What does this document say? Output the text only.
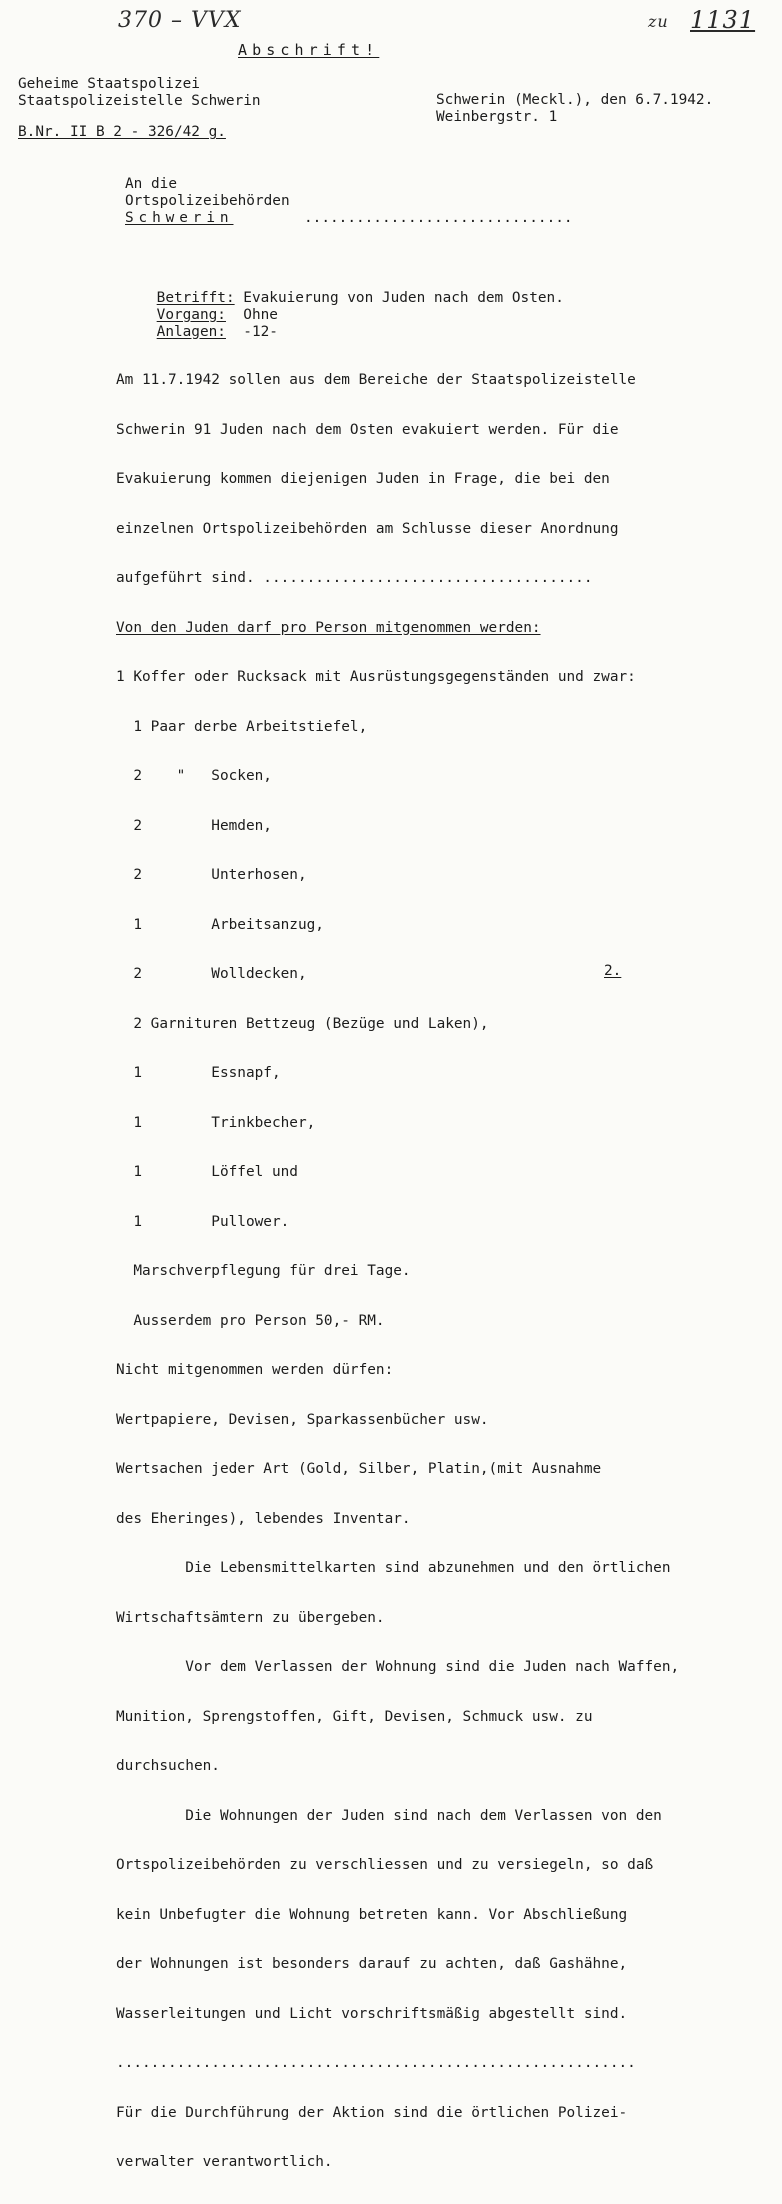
370 – VVX	zu 1131
Abschrift!
Geheime Staatspolizei
Staatspolizeistelle Schwerin
B.Nr. II B 2 - 326/42 g.
Schwerin (Meckl.), den 6.7.1942.
Weinbergstr. 1
An die
Ortspolizeibehörden
Schwerin	...............................

Betrifft: Evakuierung von Juden nach dem Osten.

Vorgang:  Ohne

Anlagen:  -12-

Am 11.7.1942 sollen aus dem Bereiche der Staatspolizeistelle

Schwerin 91 Juden nach dem Osten evakuiert werden. Für die

Evakuierung kommen diejenigen Juden in Frage, die bei den

einzelnen Ortspolizeibehörden am Schlusse dieser Anordnung

aufgeführt sind. ......................................

Von den Juden darf pro Person mitgenommen werden:

1 Koffer oder Rucksack mit Ausrüstungsgegenständen und zwar:

1 Paar derbe Arbeitstiefel,

2    "   Socken,

2        Hemden,

2        Unterhosen,

1        Arbeitsanzug,

2        Wolldecken,

2 Garnituren Bettzeug (Bezüge und Laken),

1        Essnapf,

1        Trinkbecher,

1        Löffel und

1        Pullower.

Marschverpflegung für drei Tage.

Ausserdem pro Person 50,- RM.

Nicht mitgenommen werden dürfen:

Wertpapiere, Devisen, Sparkassenbücher usw.

Wertsachen jeder Art (Gold, Silber, Platin,(mit Ausnahme

des Eheringes), lebendes Inventar.

Die Lebensmittelkarten sind abzunehmen und den örtlichen

Wirtschaftsämtern zu übergeben.

Vor dem Verlassen der Wohnung sind die Juden nach Waffen,

Munition, Sprengstoffen, Gift, Devisen, Schmuck usw. zu

durchsuchen.

Die Wohnungen der Juden sind nach dem Verlassen von den

Ortspolizeibehörden zu verschliessen und zu versiegeln, so daß

kein Unbefugter die Wohnung betreten kann. Vor Abschließung

der Wohnungen ist besonders darauf zu achten, daß Gashähne,

Wasserleitungen und Licht vorschriftsmäßig abgestellt sind.

............................................................

Für die Durchführung der Aktion sind die örtlichen Polizei-

verwalter verantwortlich.

2.
